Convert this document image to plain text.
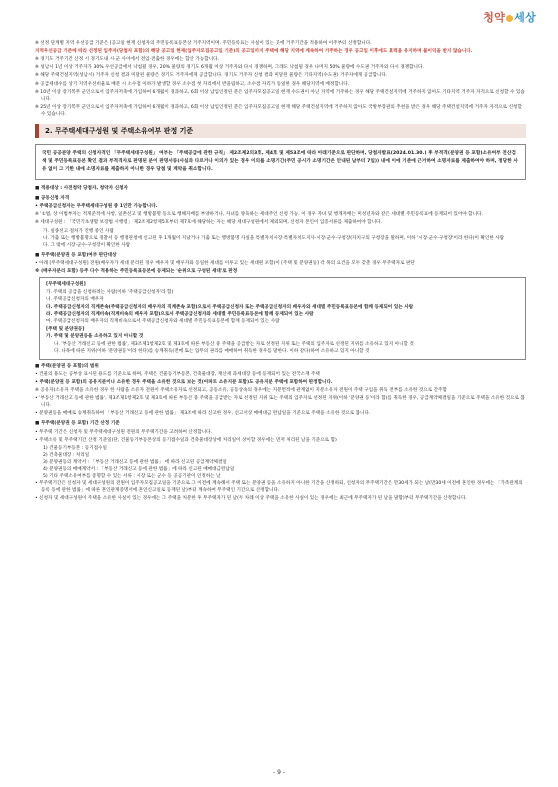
청약 세상
※ 선정 단계별 지역 우선공급 기준은 [공고일 현재 신청자의 주민등록표등본상 거주지역이며, 주민등록표는 사실이 있는 곳에 거주기간을 적용하여 이주부터 산정합니다.
지역우선공급 기준에 따라 선정된 입주자(당첨자 포함)의 해당 공고일 현재(입주자모집공고일 기준)의 공고일까지 주택에 해당 지역에 계속하여 거주하는 경우 공고일 이후에도 효력을 유지하며 불이익을 받지 않습니다.
※ 경기도 거주기간 산정 시 경기도내 시·군 사이에서 전입·전출한 경우에는 합산 가능합니다.
※ 성남시 1년 이상 거주자가 30% 우선공급에서 낙첨될 경우, 20% 물량의 경기도 6개월 이상 거주자와 다시 경쟁하며, 그래도 낙첨될 경우 나머지 50% 물량에 수도권 거주자와 다시 경쟁합니다.
※ 해당 주택건설지역(성남시) 거주자 신청 결과 미달된 물량은 경기도 거주자에게 공급합니다. 경기도 거주자 신청 결과 미달된 물량은 기타지역(수도권) 거주자에게 공급합니다.
※ 공급세대수를 상기 지역우선비율로 배분 시 소수점 이하가 발생할 경우 소수점 첫 자리에서 반올림하고, 소수점 자리가 동일한 경우 해당지역에 배정합니다.
※ 10년 이상 장기복무 군인으로서 입주자저축에 가입하여 6개월이 경과하고, 6회 이상 납입인정된 분은 입주자모집공고일 현재 수도권이 아닌 지역에 거주하는 경우 해당 주택건설지역에 거주하지 않아도 기타지역 거주자 자격으로 신청할 수 있습니다.
※ 25년 이상 장기복무 군인으로서 입주자저축에 가입하여 6개월이 경과하고, 6회 이상 납입인정된 분은 입주자모집공고일 현재 해당 주택건설지역에 거주하지 않아도 국방부장관의 추천을 받은 경우 해당 주택건설지역에 거주자 자격으로 신청할 수 있습니다.
2. 무주택세대구성원 및 주택소유여부 판정 기준
국민 공공분양 주택의 신청자격인 「무주택세대구성원」 여부는 「주택공급에 관한 규칙」 제2조제2의3호, 제4호 및 제53조에 따라 아래기준으로 판단하며, 당첨자발표(2024.01.30.) 후 부적격(분양권 등 포함)소유여부 전산검색 및 주민등록표등본 확인 결과 부적격자로 판명된 분이 판명서류(사실과 다르거나 이의가 있는 경우 이의를 소명기간(주민 공시가 소명기간은 안내된 날부터 7일)) 내에 이에 기준에 근거하여 소명자료를 제출하여야 하며, 정당한 사유 없이 그 기한 내에 소명자료를 제출하지 아니한 경우 당첨 및 계약을 취소합니다.
■ 적용대상 : 사전청약 당첨자, 청약자 신청자
■ 공동신청 자격
• 주택공급신청자는 무주택세대구성원 중 1인만 가능합니다.
※ '①법, 상 이법부자는 적게준적에 사항, 일촌선고 및 행방불명 등으로 행해자배를 부양하거나, 자녀를 양육하는 세대주인 신청 가능. 이 경우 자녀 및 행개자배는 미성년자와 같은 세대별 주민등록표에 등재되어 있어야 합니다.
※ 세대구성원 : 「국민기초생활 보장법 시행령」 제2조제2항제5호부터 제7호에 해당하는 자는 해당 세대구성원에서 제외되며, 신청자 본인이 입증서류를 제출하여야 합니다.
가. 실종선고 절차가 진행 중인 사람
나. 가출 또는 행방불명으로 경찰서 등 행정관청에 신고된 후 1개월이 지났거나 가출 또는 행방불명 사실을 특별자치시장·특별자치도지사·시장·군수·구청장(자치구의 구청장을 말하며, 이하 '시장·군수·구청장'이라 한다)이 확인한 사람
다. 그 밖에 시장·군수·구청장이 확인한 사람
■ 무주택(분양권 등 포함)여부 판단대상
• 아래 [무주택세대구성원] 전원(배우자가 세대 분리된 경우 배우자 및 배우자와 동일한 세대를 이루고 있는 세대원 포함)이 [주택 및 분양권등] 각 목의 요건을 모두 갖춘 경우 무주택자로 판단
※ (배우자분리 포함) 등주 다수 적용하는 주민등록표등본에 등재되는 '순위으로 구성된 세대'로 판정
[무주택세대구성원]
가. 주택의 공급을 신청하려는 사람(이하 '주택공급신청자'라 함)
나. 주택공급신청자의 배우자
다. 주택공급신청자의 직계존속(주택공급신청자의 배우자의 직계존속 포함)으로서 주택공급신청자 또는 주택공급신청자의 배우자와 세대별 주민등록표등본에 함께 등재되어 있는 사람
라. 주택공급신청자의 직계비속(직계비속의 배우자 포함)으로서 주택공급신청자와 세대별 주민등록표등본에 함께 등재되어 있는 사람
마. 주택공급신청자의 배우자의 직계비속으로서 주택공급신청자와 세대별 주민등록표등본에 함께 등재되어 있는 사람
[주택 및 분양권등]
가. 주택 및 분양권등을 소유하고 있지 아니할 것
나. '부동산 거래신고 등에 관한 법률', 제3조제1항제2호 및 제3호에 따른 부동산 중 주택을 공급받는 자로 선정된 지위 또는 주택의 입주자로 선정된 지위를 소유하고 있지 아니할 것
다. 나목에 따른 지위(이하 '분양권등'이라 한다)를 승계취득(전매 또는 업무의 권리를 매매하여 취득한 경우를 말한다. 이하 같다)하여 소유하고 있지 아니할 것
■ 주택(분양권 등 포함)의 범위
• 건물의 용도는 공부상 표시된 용도를 기준으로 하며, 주택은 건물등기부등본, 건축물대장, 재산세 과세대장 등에 등재되어 있는 전국소재 주택
• 주택(분양권 등 포함)의 공유지분이나 소유한 경우 주택을 소유한 것으로 보는 것(아파트 소유지분 포함)도 공유지분 주택에 포함하여 판정합니다.
※ 공유자(소유자 주택을 소유한 경우 한 사람을 소유자 전원이 주택소유자로 선정되고, 공동소유, 공동상속의 경우에는 지분면적에 관계없이 지분소유자 전원이 주택 구입을 취득 전부를 소유한 것으로 간주함
• '부동산 거래신고 등에 관한 법률', 제3조제1항제2호 및 제3호에 따른 부동산 중 주택을 공급받는 자로 선정된 지위 또는 주택의 입주자로 선정된 지위(이하 '분양권 등'이라 함)를 취득한 경우, 공급계약체결일을 기준으로 주택을 소유한 것으로 봅니다.
• 분양권등을 매매로 승계취득하여 「부동산 거래신고 등에 관한 법률」 제3조에 따라 신고한 경우, 신고서상 매매대금 완납일을 기준으로 주택을 소유한 것으로 봅니다.
■ 무주택(분양권 등 포함) 기간 산정 기준
• 무주택 기간은 신청자 및 무주택세대구성원 전원의 무주택기간을 고려하여 산정합니다.
• 주택소유 및 무주택기간 산정 기준일(단, 건물등기부등본상의 등기접수일과 건축물대장상에 처리일이 상이할 경우에는 먼저 처리된 날을 기준으로 함)
1) 건물등기부등본 : 등기접수일
2) 건축물대장 : 처리일
3) 분양권등의 계약서 : 「부동산 거래신고 등에 관한 법률」 에 따라 신고된 공급계약체결일
4) 분양권등의 매매계약서 : 「부동산 거래신고 등에 관한 법률」에 따라 신고된 매매대금완납일
5) 기타 주택소유여부를 증명할 수 있는 서류 : 시장 또는 군수 등 공공기관이 인정하는 날
• 무주택기간은 신청자 및 세대구성원의 전원이 입주자모집공고일을 기준으로 그 이전에 계속해서 주택 또는 분양권 등을 소유하지 아니한 기간을 산정하되, 신청자의 무주택기간은 만30세가 되는 날(만30세 이전에 혼인한 경우에는 「가족관계의 등록 등에 관한 법률」에 따른 혼인관계증명서에 혼인신고일로 등재된 날)부터 계속하여 무주택인 기간으로 산정합니다.
• 신청자 및 세대구성원이 주택을 소유한 사실이 있는 경우에는 그 주택을 처분한 후 무주택자가 된 날(두 차례 이상 주택을 소유한 사실이 있는 경우에는 최근에 무주택자가 된 날을 말함)부터 무주택기간을 산정합니다.
- 9 -
